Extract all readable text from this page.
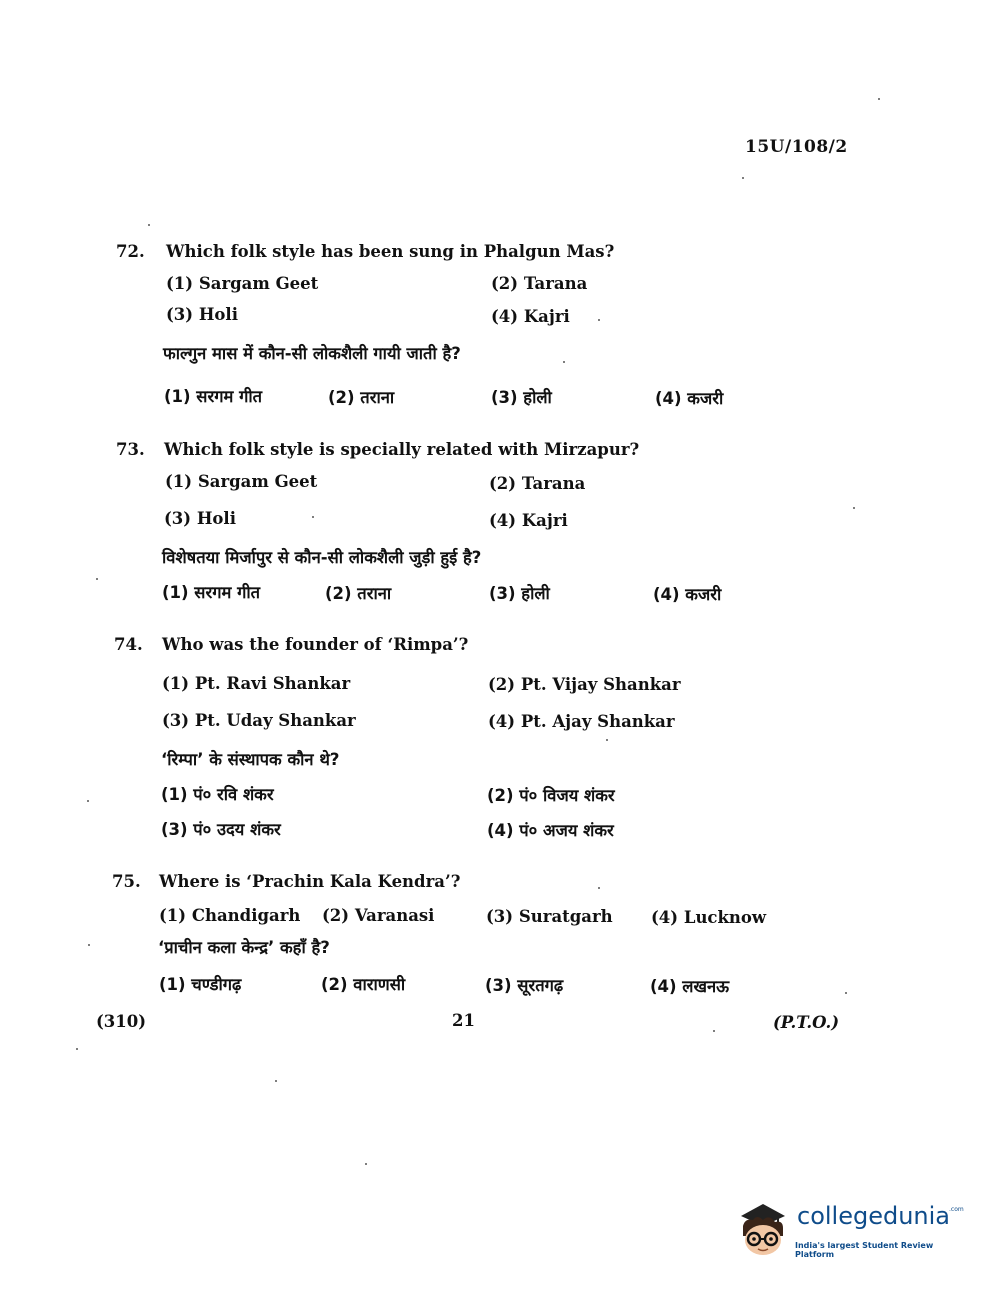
15U/108/2
72. Which folk style has been sung in Phalgun Mas?
(1) Sargam Geet	(2) Tarana
(3) Holi	(4) Kajri
फाल्गुन मास में कौन-सी लोकशैली गायी जाती है?
(1) सरगम गीत	(2) तराना	(3) होली	(4) कजरी
73. Which folk style is specially related with Mirzapur?
(1) Sargam Geet	(2) Tarana
(3) Holi	(4) Kajri
विशेषतया मिर्जापुर से कौन-सी लोकशैली जुड़ी हुई है?
(1) सरगम गीत	(2) तराना	(3) होली	(4) कजरी
74. Who was the founder of ‘Rimpa’?
(1) Pt. Ravi Shankar	(2) Pt. Vijay Shankar
(3) Pt. Uday Shankar	(4) Pt. Ajay Shankar
‘रिम्पा’ के संस्थापक कौन थे?
(1) पं० रवि शंकर	(2) पं० विजय शंकर
(3) पं० उदय शंकर	(4) पं० अजय शंकर
75. Where is ‘Prachin Kala Kendra’?
(1) Chandigarh (2) Varanasi	(3) Suratgarh (4) Lucknow
‘प्राचीन कला केन्द्र’ कहाँ है?
(1) चण्डीगढ़	(2) वाराणसी	(3) सूरतगढ़	(4) लखनऊ
(310)	21	(P.T.O.)
collegedunia
.com
India's largest Student Review Platform
